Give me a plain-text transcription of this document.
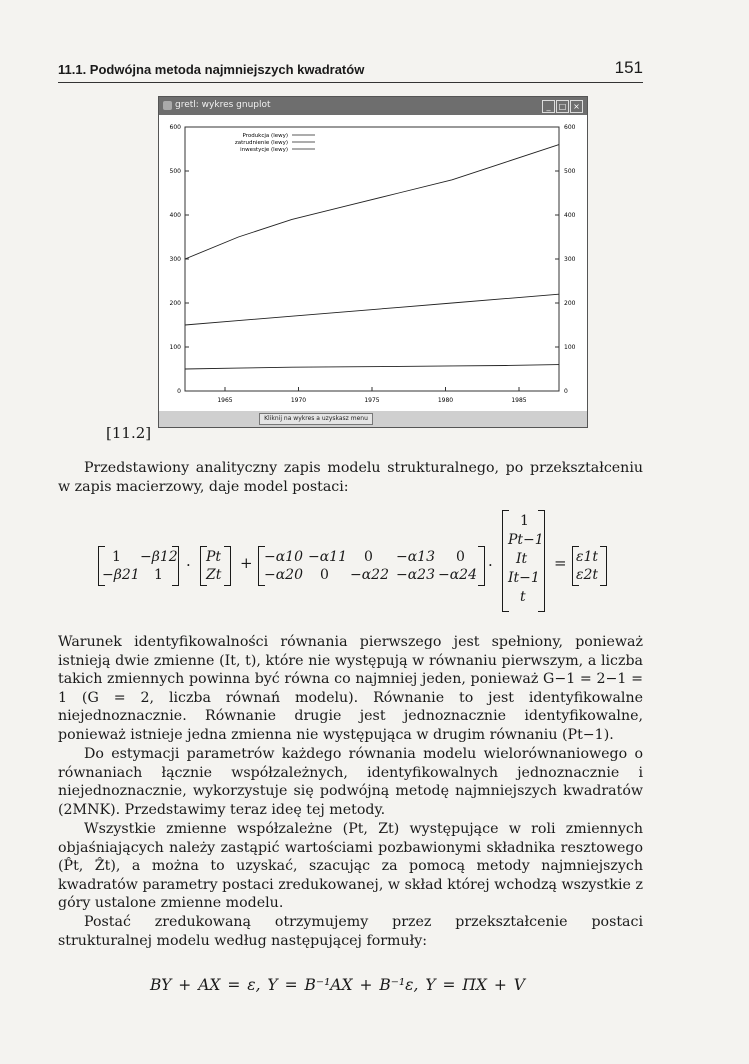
11.1. Podwójna metoda najmniejszych kwadratów	151
gretl: wykres gnuplot	_	□ ×
0	0
100	100
200	200
300	300
400	400
500	500
600	600
1965	1970	1975	1980	1985
Produkcja (lewy)
zatrudnienie (lewy)
inwestycje (lewy)
Kliknij na wykres a uzyskasz menu
[11.2]
Przedstawiony analityczny zapis modelu strukturalnego, po przekształceniu w zapis macierzowy, daje model postaci:
1 −β12
−β21 1
· Pt
Zt
+ −α10 −α11 0 −α13 0
−α20 0 −α22 −α23 −α24
·
1
Pt−1
It
It−1
t
= ε1t
ε2t
Warunek identyfikowalności równania pierwszego jest spełniony, ponieważ istnieją dwie zmienne (It, t), które nie występują w równaniu pierwszym, a liczba takich zmiennych powinna być równa co najmniej jeden, ponieważ G−1 = 2−1 = 1 (G = 2, liczba równań modelu). Równanie to jest identyfikowalne niejednoznacznie. Równanie drugie jest jednoznacznie identyfikowalne, ponieważ istnieje jedna zmienna nie występująca w drugim równaniu (Pt−1).
Do estymacji parametrów każdego równania modelu wielorównaniowego o równaniach łącznie współzależnych, identyfikowalnych jednoznacznie i niejednoznacznie, wykorzystuje się podwójną metodę najmniejszych kwadratów (2MNK). Przedstawimy teraz ideę tej metody.
Wszystkie zmienne współzależne (Pt, Zt) występujące w roli zmiennych objaśniających należy zastąpić wartościami pozbawionymi składnika resztowego (P̂t, Ẑt), a można to uzyskać, szacując za pomocą metody najmniejszych kwadratów parametry postaci zredukowanej, w skład której wchodzą wszystkie z góry ustalone zmienne modelu.
Postać zredukowaną otrzymujemy przez przekształcenie postaci strukturalnej modelu według następującej formuły:
BY + AX = ε, Y = B⁻¹AX + B⁻¹ε, Y = ΠX + V
